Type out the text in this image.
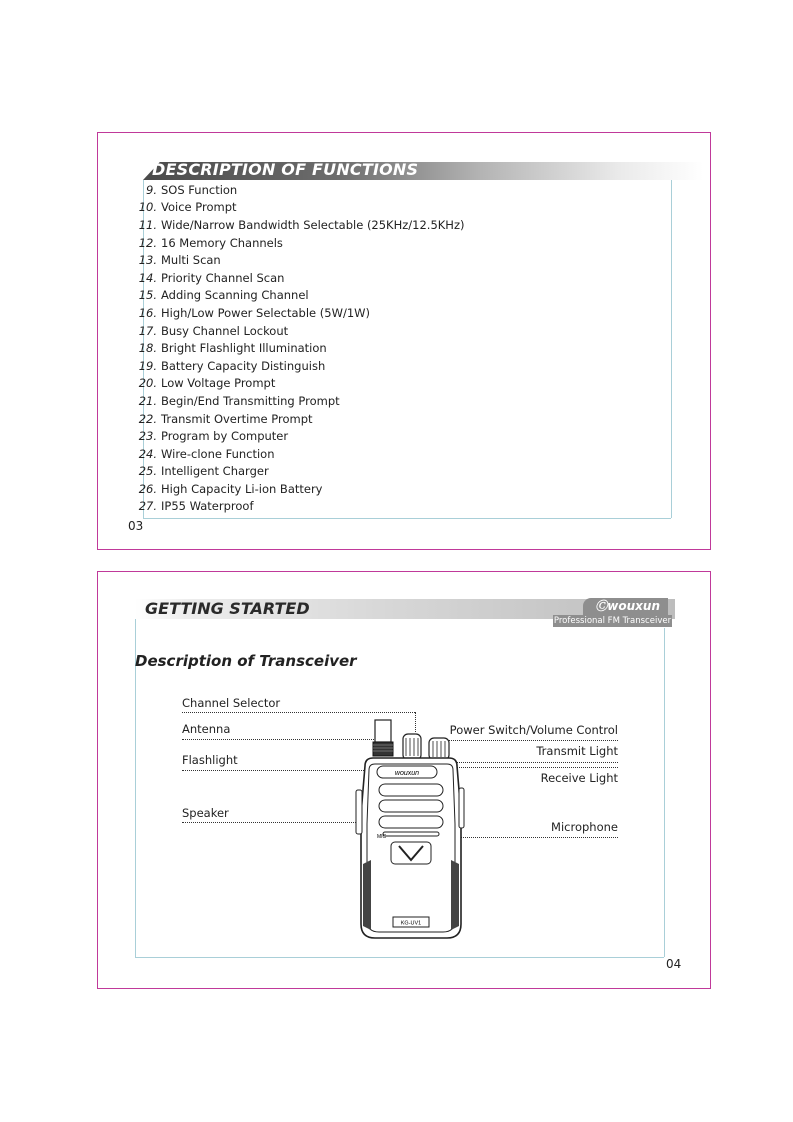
DESCRIPTION OF FUNCTIONS
9. SOS Function
10. Voice Prompt
11. Wide/Narrow Bandwidth Selectable (25KHz/12.5KHz)
12. 16 Memory Channels
13. Multi Scan
14. Priority Channel Scan
15. Adding Scanning Channel
16. High/Low Power Selectable (5W/1W)
17. Busy Channel Lockout
18. Bright Flashlight Illumination
19. Battery Capacity Distinguish
20. Low Voltage Prompt
21. Begin/End Transmitting Prompt
22. Transmit Overtime Prompt
23. Program by Computer
24. Wire-clone Function
25. Intelligent Charger
26. High Capacity Li-ion Battery
27. IP55 Waterproof
03
GETTING STARTED	Ⓒwouxun
Professional FM Transceiver
Description of Transceiver
Channel Selector
Antenna
Flashlight
Speaker
Power Switch/Volume Control
Transmit Light
Receive Light
Microphone
wouxun
MIC
KG-UV1
04
